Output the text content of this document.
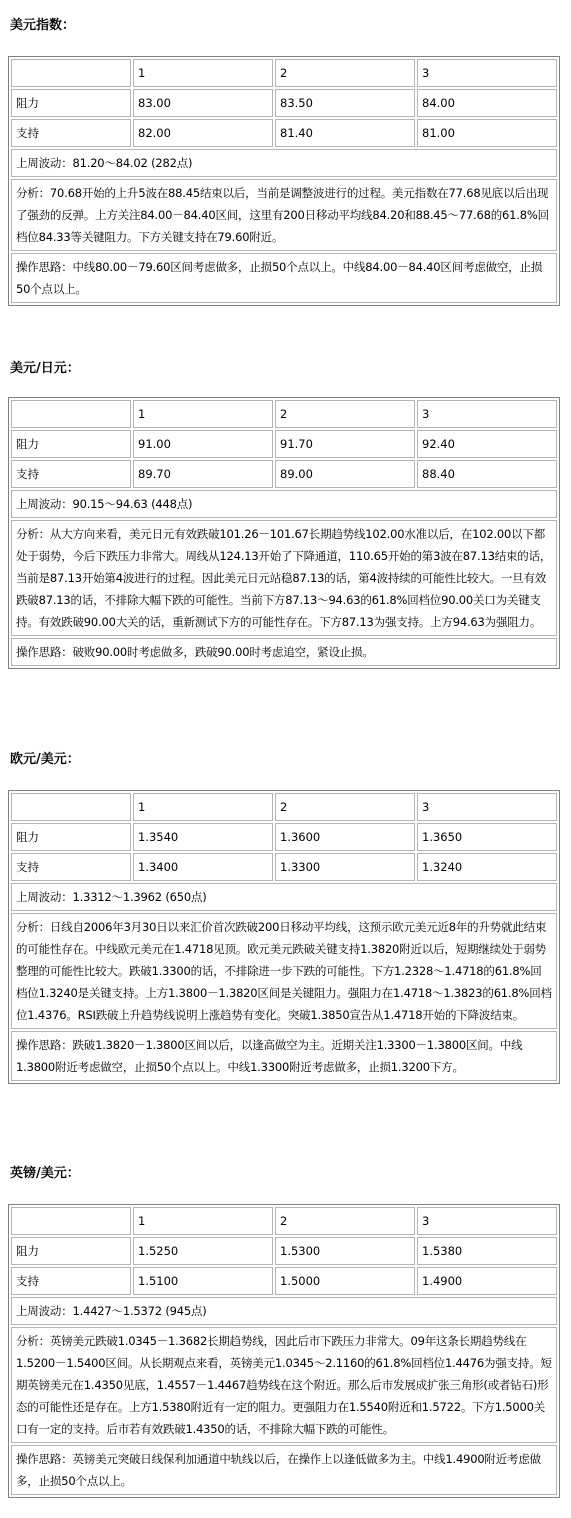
美元指数：
	1	2	3
阻力	83.00	83.50	84.00
支持	82.00	81.40	81.00
上周波动：81.20～84.02 (282点)			
分析：70.68开始的上升5波在88.45结束以后，当前是调整波进行的过程。美元指数在77.68见底以后出现了强劲的反弹。上方关注84.00－84.40区间，这里有200日移动平均线84.20和88.45～77.68的61.8%回档位84.33等关键阻力。下方关键支持在79.60附近。			
操作思路：中线80.00－79.60区间考虑做多，止损50个点以上。中线84.00－84.40区间考虑做空，止损50个点以上。			
美元/日元：
	1	2	3
阻力	91.00	91.70	92.40
支持	89.70	89.00	88.40
上周波动：90.15～94.63 (448点)			
分析：从大方向来看，美元日元有效跌破101.26－101.67长期趋势线102.00水准以后，在102.00以下都处于弱势，今后下跌压力非常大。周线从124.13开始了下降通道，110.65开始的第3波在87.13结束的话，当前是87.13开始第4波进行的过程。因此美元日元站稳87.13的话，第4波持续的可能性比较大。一旦有效跌破87.13的话，不排除大幅下跌的可能性。当前下方87.13～94.63的61.8%回档位90.00关口为关键支持。有效跌破90.00大关的话，重新测试下方的可能性存在。下方87.13为强支持。上方94.63为强阻力。			
操作思路：破败90.00时考虑做多，跌破90.00时考虑追空，紧设止损。			
欧元/美元：
	1	2	3
阻力	1.3540	1.3600	1.3650
支持	1.3400	1.3300	1.3240
上周波动：1.3312～1.3962 (650点)			
分析：日线自2006年3月30日以来汇价首次跌破200日移动平均线，这预示欧元美元近8年的升势就此结束的可能性存在。中线欧元美元在1.4718见顶。欧元美元跌破关键支持1.3820附近以后，短期继续处于弱势整理的可能性比较大。跌破1.3300的话，不排除进一步下跌的可能性。下方1.2328～1.4718的61.8%回档位1.3240是关键支持。上方1.3800－1.3820区间是关键阻力。强阻力在1.4718～1.3823的61.8%回档位1.4376。RSI跌破上升趋势线说明上涨趋势有变化。突破1.3850宣告从1.4718开始的下降波结束。			
操作思路：跌破1.3820－1.3800区间以后，以逢高做空为主。近期关注1.3300－1.3800区间。中线1.3800附近考虑做空，止损50个点以上。中线1.3300附近考虑做多，止损1.3200下方。			
英镑/美元：
	1	2	3
阻力	1.5250	1.5300	1.5380
支持	1.5100	1.5000	1.4900
上周波动：1.4427～1.5372 (945点)			
分析：英镑美元跌破1.0345－1.3682长期趋势线，因此后市下跌压力非常大。09年这条长期趋势线在1.5200－1.5400区间。从长期观点来看，英镑美元1.0345～2.1160的61.8%回档位1.4476为强支持。短期英镑美元在1.4350见底，1.4557－1.4467趋势线在这个附近。那么后市发展成扩张三角形(或者钻石)形态的可能性还是存在。上方1.5380附近有一定的阻力。更强阻力在1.5540附近和1.5722。下方1.5000关口有一定的支持。后市若有效跌破1.4350的话，不排除大幅下跌的可能性。			
操作思路：英镑美元突破日线保利加通道中轨线以后，在操作上以逢低做多为主。中线1.4900附近考虑做多，止损50个点以上。			
